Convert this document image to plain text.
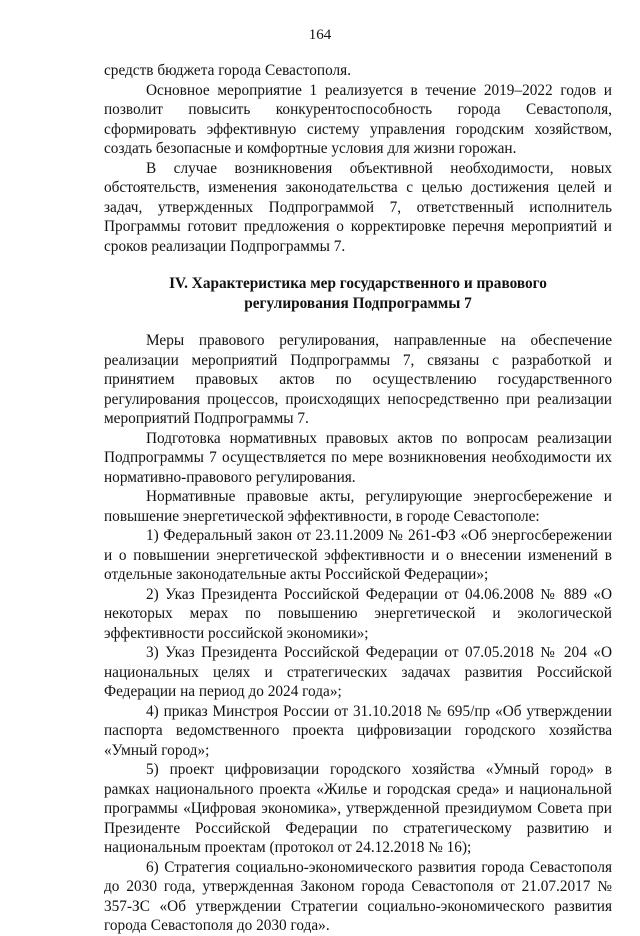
164

средств бюджета города Севастополя.

Основное мероприятие 1 реализуется в течение 2019–2022 годов и позволит повысить конкурентоспособность города Севастополя, сформировать эффективную систему управления городским хозяйством, создать безопасные и комфортные условия для жизни горожан.

В случае возникновения объективной необходимости, новых обстоятельств, изменения законодательства с целью достижения целей и задач, утвержденных Подпрограммой 7, ответственный исполнитель Программы готовит предложения о корректировке перечня мероприятий и сроков реализации Подпрограммы 7.

IV. Характеристика мер государственного и правового
регулирования Подпрограммы 7

Меры правового регулирования, направленные на обеспечение реализации мероприятий Подпрограммы 7, связаны с разработкой и принятием правовых актов по осуществлению государственного регулирования процессов, происходящих непосредственно при реализации мероприятий Подпрограммы 7.

Подготовка нормативных правовых актов по вопросам реализации Подпрограммы 7 осуществляется по мере возникновения необходимости их нормативно-правового регулирования.

Нормативные правовые акты, регулирующие энергосбережение и повышение энергетической эффективности, в городе Севастополе:

1) Федеральный закон от 23.11.2009 № 261-ФЗ «Об энергосбережении и о повышении энергетической эффективности и о внесении изменений в отдельные законодательные акты Российской Федерации»;

2) Указ Президента Российской Федерации от 04.06.2008 № 889 «О некоторых мерах по повышению энергетической и экологической эффективности российской экономики»;

3) Указ Президента Российской Федерации от 07.05.2018 № 204 «О национальных целях и стратегических задачах развития Российской Федерации на период до 2024 года»;

4) приказ Минстроя России от 31.10.2018 № 695/пр «Об утверждении паспорта ведомственного проекта цифровизации городского хозяйства «Умный город»;

5) проект цифровизации городского хозяйства «Умный город» в рамках национального проекта «Жилье и городская среда» и национальной программы «Цифровая экономика», утвержденной президиумом Совета при Президенте Российской Федерации по стратегическому развитию и национальным проектам (протокол от 24.12.2018 № 16);

6) Стратегия социально-экономического развития города Севастополя до 2030 года, утвержденная Законом города Севастополя от 21.07.2017 № 357-ЗС «Об утверждении Стратегии социально-экономического развития города Севастополя до 2030 года».
